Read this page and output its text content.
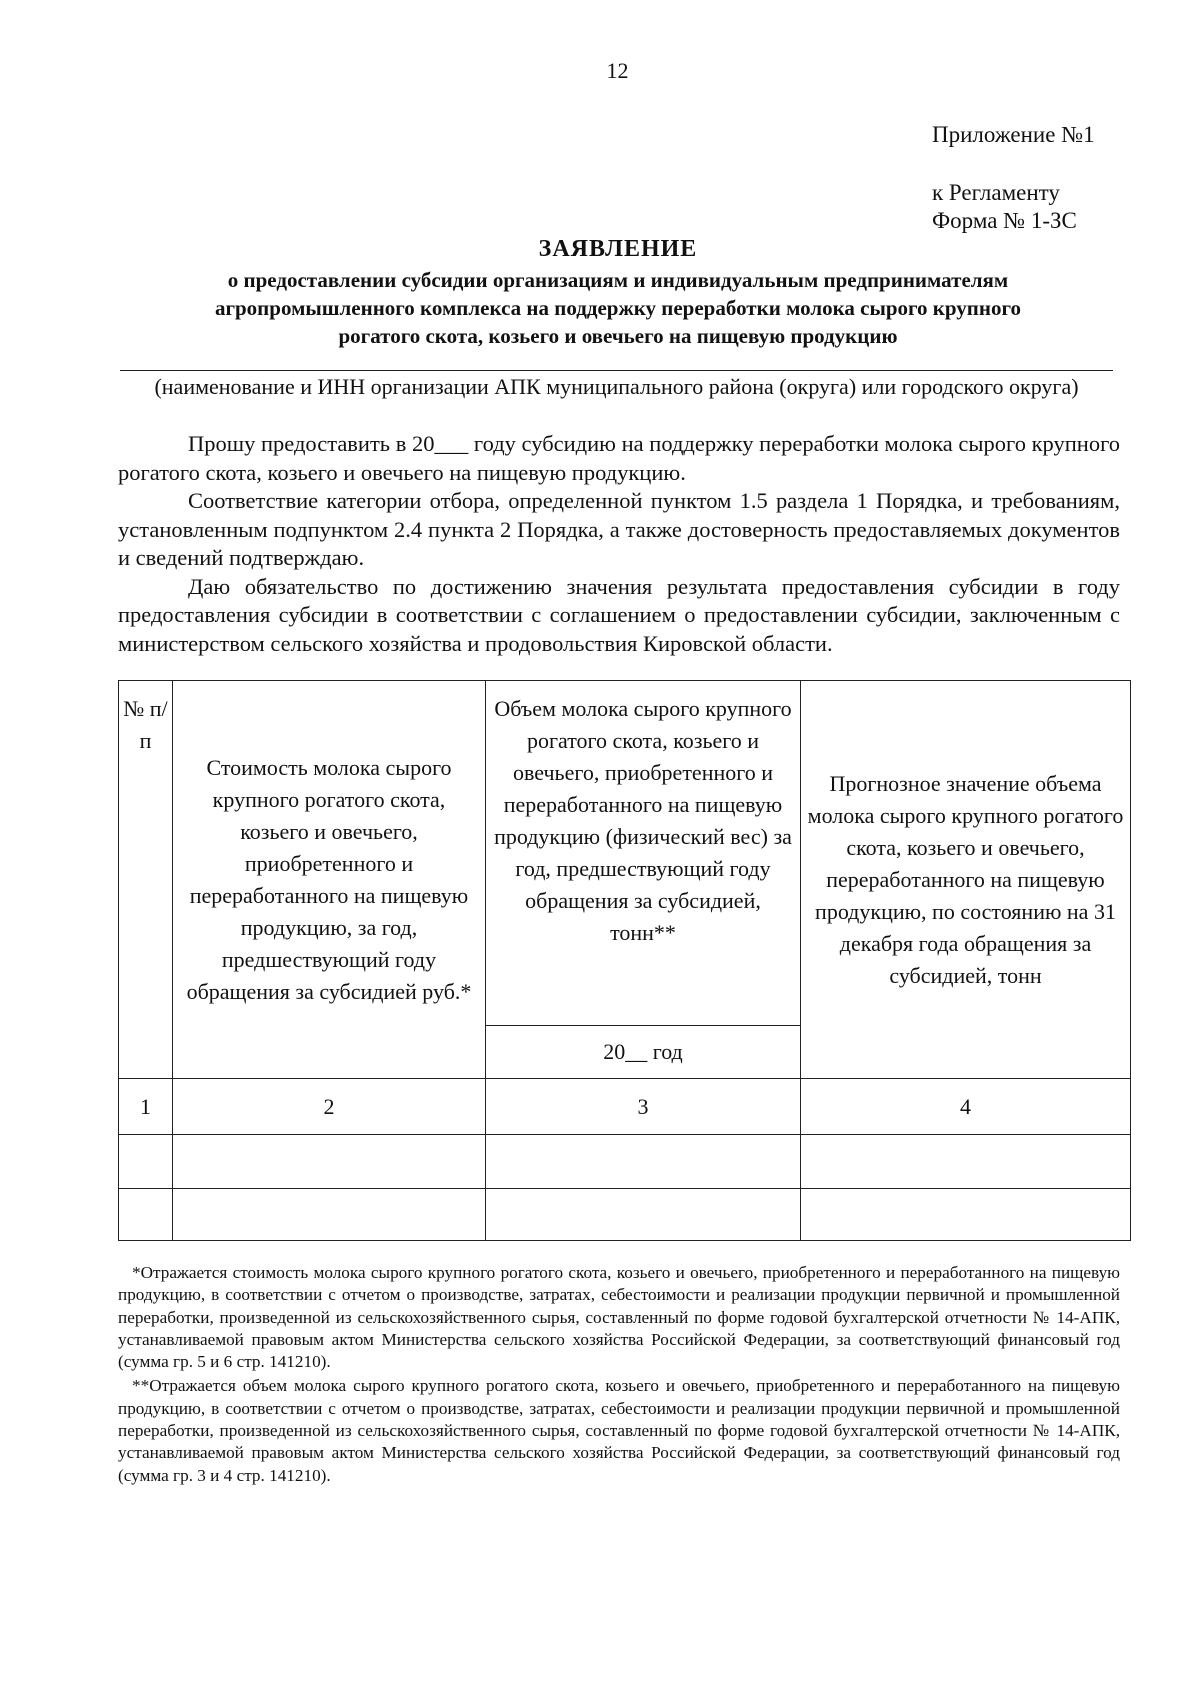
12
Приложение №1
к Регламенту
Форма № 1-ЗС
ЗАЯВЛЕНИЕ
о предоставлении субсидии организациям и индивидуальным предпринимателям
агропромышленного комплекса на поддержку переработки молока сырого крупного
рогатого скота, козьего и овечьего на пищевую продукцию
(наименование и ИНН организации АПК муниципального района (округа) или городского округа)

Прошу предоставить в 20___ году субсидию на поддержку переработки молока сырого крупного рогатого скота, козьего и овечьего на пищевую продукцию.

Соответствие категории отбора, определенной пунктом 1.5 раздела 1 Порядка, и требованиям, установленным подпунктом 2.4 пункта 2 Порядка, а также достоверность предоставляемых документов и сведений подтверждаю.

Даю обязательство по достижению значения результата предоставления субсидии в году предоставления субсидии в соответствии с соглашением о предоставлении субсидии, заключенным с министерством сельского хозяйства и продовольствия Кировской области.

№ п/п	Стоимость молока сырого крупного рогатого скота, козьего и овечьего, приобретенного и переработанного на пищевую продукцию, за год, предшествующий году обращения за субсидией руб.*	Объем молока сырого крупного рогатого скота, козьего и овечьего, приобретенного и переработанного на пищевую продукцию (физический вес) за год, предшествующий году обращения за субсидией, тонн**	Прогнозное значение объема молока сырого крупного рогатого скота, козьего и овечьего, переработанного на пищевую продукцию, по состоянию на 31 декабря года обращения за субсидией, тонн
		20__ год	
1	2	3	4

*Отражается стоимость молока сырого крупного рогатого скота, козьего и овечьего, приобретенного и переработанного на пищевую продукцию, в соответствии с отчетом о производстве, затратах, себестоимости и реализации продукции первичной и промышленной переработки, произведенной из сельскохозяйственного сырья, составленный по форме годовой бухгалтерской отчетности № 14-АПК, устанавливаемой правовым актом Министерства сельского хозяйства Российской Федерации, за соответствующий финансовый год (сумма гр. 5 и 6 стр. 141210).

**Отражается объем молока сырого крупного рогатого скота, козьего и овечьего, приобретенного и переработанного на пищевую продукцию, в соответствии с отчетом о производстве, затратах, себестоимости и реализации продукции первичной и промышленной переработки, произведенной из сельскохозяйственного сырья, составленный по форме годовой бухгалтерской отчетности № 14-АПК, устанавливаемой правовым актом Министерства сельского хозяйства Российской Федерации, за соответствующий финансовый год (сумма гр. 3 и 4 стр. 141210).
